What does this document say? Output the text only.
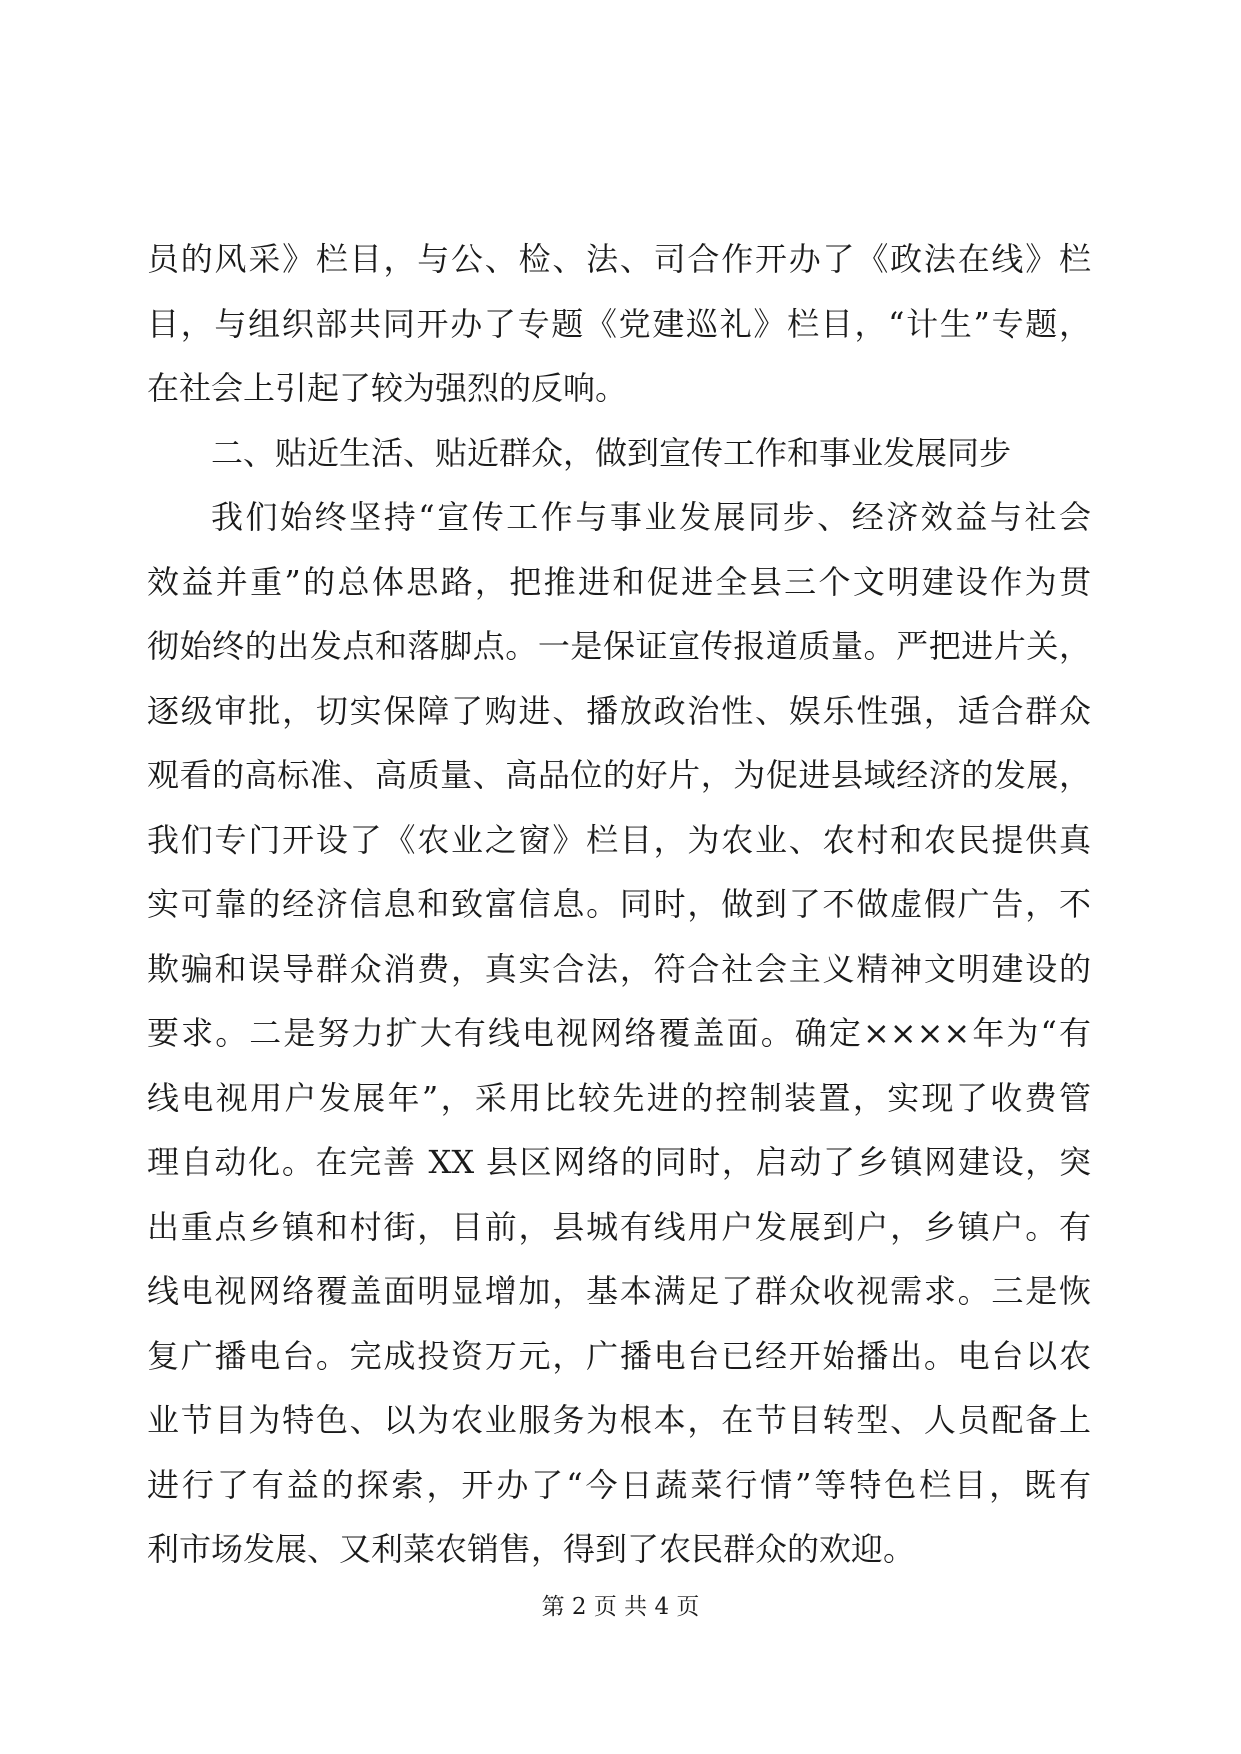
员的风采》栏目，与公、检、法、司合作开办了《政法在线》栏
目，与组织部共同开办了专题《党建巡礼》栏目，“计生”专题，
在社会上引起了较为强烈的反响。
二、贴近生活、贴近群众，做到宣传工作和事业发展同步
我们始终坚持“宣传工作与事业发展同步、经济效益与社会
效益并重”的总体思路，把推进和促进全县三个文明建设作为贯
彻始终的出发点和落脚点。一是保证宣传报道质量。严把进片关，
逐级审批，切实保障了购进、播放政治性、娱乐性强，适合群众
观看的高标准、高质量、高品位的好片，为促进县域经济的发展，
我们专门开设了《农业之窗》栏目，为农业、农村和农民提供真
实可靠的经济信息和致富信息。同时，做到了不做虚假广告，不
欺骗和误导群众消费，真实合法，符合社会主义精神文明建设的
要求。二是努力扩大有线电视网络覆盖面。确定××××年为“有
线电视用户发展年”，采用比较先进的控制装置，实现了收费管
理自动化。在完善 XX 县区网络的同时，启动了乡镇网建设，突
出重点乡镇和村街，目前，县城有线用户发展到户，乡镇户。有
线电视网络覆盖面明显增加，基本满足了群众收视需求。三是恢
复广播电台。完成投资万元，广播电台已经开始播出。电台以农
业节目为特色、以为农业服务为根本，在节目转型、人员配备上
进行了有益的探索，开办了“今日蔬菜行情”等特色栏目，既有
利市场发展、又利菜农销售，得到了农民群众的欢迎。
第 2 页 共 4 页
